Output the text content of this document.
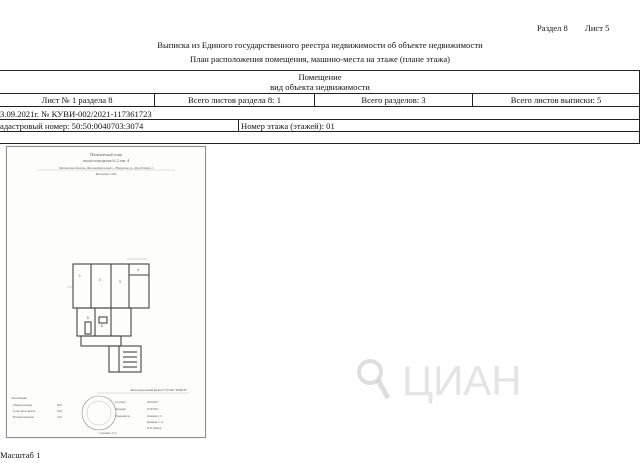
Раздел 8 Лист 5
Выписка из Единого государственного реестра недвижимости об объекте недвижимости
План расположения помещения, машино-места на этаже (плане этажа)
Помещение
вид объекта недвижимости
Лист № 1 раздела 8	Всего листов раздела 8: 1	Всего разделов: 3	Всего листов выписки: 5
3.09.2021г. № КУВИ-002/2021-117361723
адастровый номер: 50:50:0040703:3074	Номер этажа (этажей): 01
Поэтажный план
жилые помещения № 2 лит. А
Московская область, Железнодорожный г., Некрасова ул., Дом 26 Корп.1
Масштаб 1:200
1
2	3
4
5
6
Железнодорожный филиал ГУП МО "МОБТИ"
Экспликация
Общая площадь	46,8
в том числе жилая	30,8
Вспомогательная	16,0
Составил	28.04.2017
Проверил	07.08.2017
Руководитель	Лазарева С. Г.
Куликова С. А.
И. В. Иванов
Сохранено Т. Д.
ЦИАН
Масштаб 1
